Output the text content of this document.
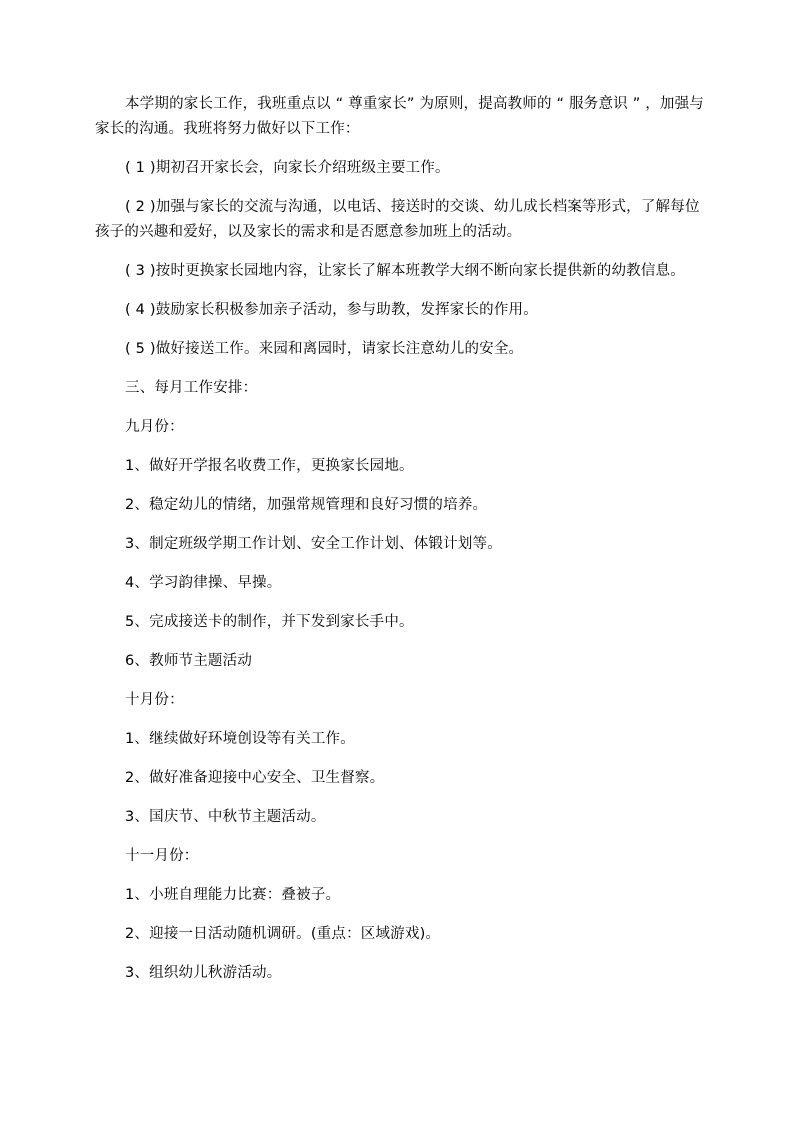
本学期的家长工作，我班重点以 “ 尊重家长” 为原则，提高教师的 “ 服务意识 ” ，加强与家长的沟通。我班将努力做好以下工作：

( 1 )期初召开家长会，向家长介绍班级主要工作。

( 2 )加强与家长的交流与沟通，以电话、接送时的交谈、幼儿成长档案等形式，了解每位孩子的兴趣和爱好，以及家长的需求和是否愿意参加班上的活动。

( 3 )按时更换家长园地内容，让家长了解本班教学大纲不断向家长提供新的幼教信息。

( 4 )鼓励家长积极参加亲子活动，参与助教，发挥家长的作用。

( 5 )做好接送工作。来园和离园时，请家长注意幼儿的安全。

三、每月工作安排：

九月份：

1、做好开学报名收费工作，更换家长园地。

2、稳定幼儿的情绪，加强常规管理和良好习惯的培养。

3、制定班级学期工作计划、安全工作计划、体锻计划等。

4、学习韵律操、早操。

5、完成接送卡的制作，并下发到家长手中。

6、教师节主题活动

十月份：

1、继续做好环境创设等有关工作。

2、做好准备迎接中心安全、卫生督察。

3、国庆节、中秋节主题活动。

十一月份：

1、小班自理能力比赛：叠被子。

2、迎接一日活动随机调研。(重点：区域游戏)。

3、组织幼儿秋游活动。
